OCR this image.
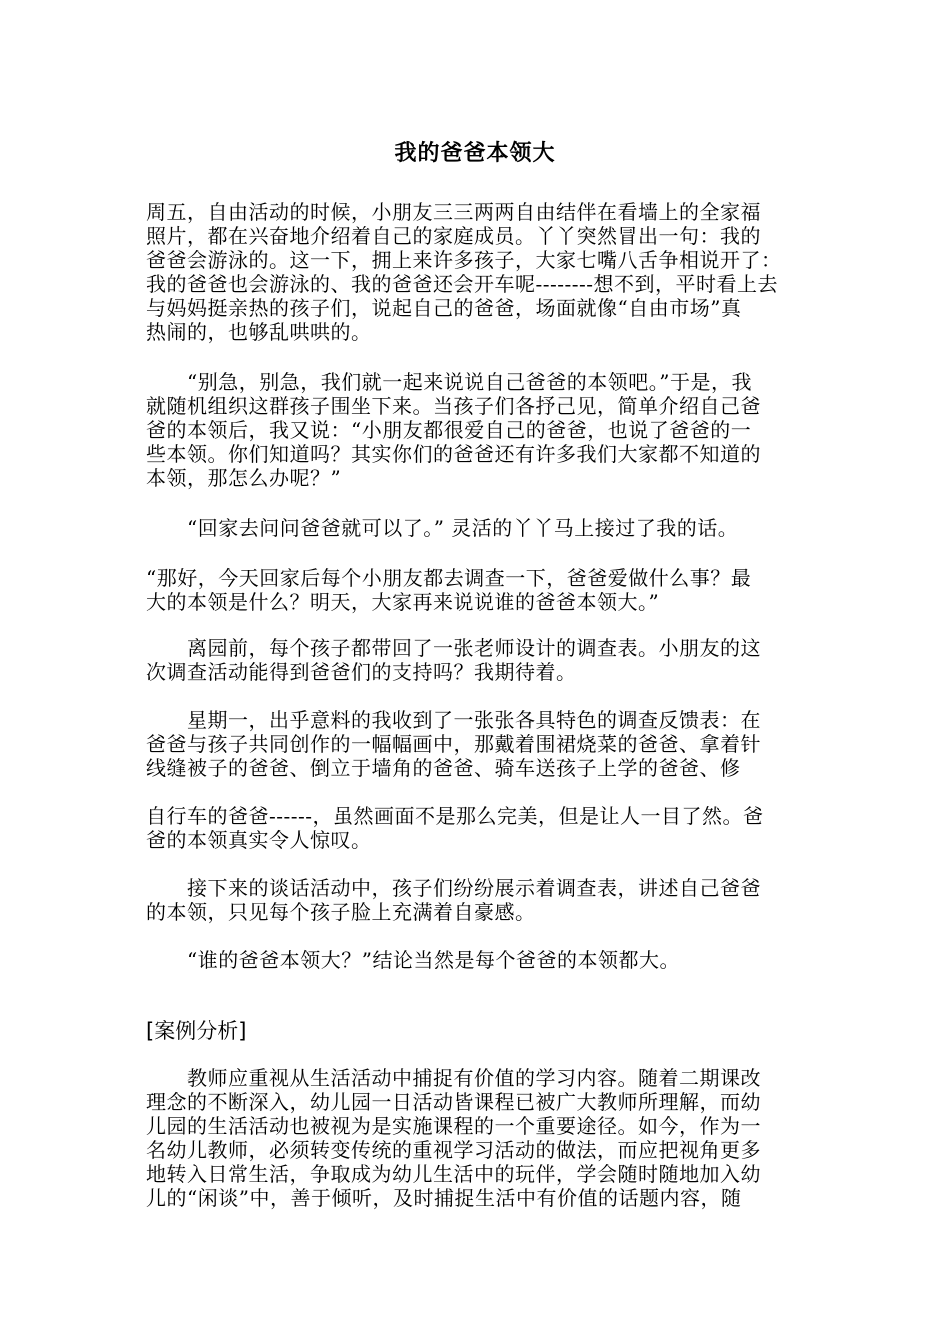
我的爸爸本领大
周五，自由活动的时候，小朋友三三两两自由结伴在看墙上的全家福
照片，都在兴奋地介绍着自己的家庭成员。丫丫突然冒出一句：我的
爸爸会游泳的。这一下，拥上来许多孩子，大家七嘴八舌争相说开了：
我的爸爸也会游泳的、我的爸爸还会开车呢--------想不到，平时看上去
与妈妈挺亲热的孩子们，说起自己的爸爸，场面就像“自由市场”真
热闹的，也够乱哄哄的。
　　“别急，别急，我们就一起来说说自己爸爸的本领吧。”于是，我
就随机组织这群孩子围坐下来。当孩子们各抒己见，简单介绍自己爸
爸的本领后，我又说：“小朋友都很爱自己的爸爸，也说了爸爸的一
些本领。你们知道吗？其实你们的爸爸还有许多我们大家都不知道的
本领，那怎么办呢？”
　　“回家去问问爸爸就可以了。” 灵活的丫丫马上接过了我的话。
“那好，今天回家后每个小朋友都去调查一下，爸爸爱做什么事？最
大的本领是什么？明天，大家再来说说谁的爸爸本领大。”
　　离园前，每个孩子都带回了一张老师设计的调查表。小朋友的这
次调查活动能得到爸爸们的支持吗？我期待着。
　　星期一，出乎意料的我收到了一张张各具特色的调查反馈表：在
爸爸与孩子共同创作的一幅幅画中，那戴着围裙烧菜的爸爸、拿着针
线缝被子的爸爸、倒立于墙角的爸爸、骑车送孩子上学的爸爸、修
自行车的爸爸------，虽然画面不是那么完美，但是让人一目了然。爸
爸的本领真实令人惊叹。
　　接下来的谈话活动中，孩子们纷纷展示着调查表，讲述自己爸爸
的本领，只见每个孩子脸上充满着自豪感。
　　“谁的爸爸本领大？”结论当然是每个爸爸的本领都大。
[案例分析]
　　教师应重视从生活活动中捕捉有价值的学习内容。随着二期课改
理念的不断深入，幼儿园一日活动皆课程已被广大教师所理解，而幼
儿园的生活活动也被视为是实施课程的一个重要途径。如今，作为一
名幼儿教师，必须转变传统的重视学习活动的做法，而应把视角更多
地转入日常生活，争取成为幼儿生活中的玩伴，学会随时随地加入幼
儿的“闲谈”中，善于倾听，及时捕捉生活中有价值的话题内容，随
